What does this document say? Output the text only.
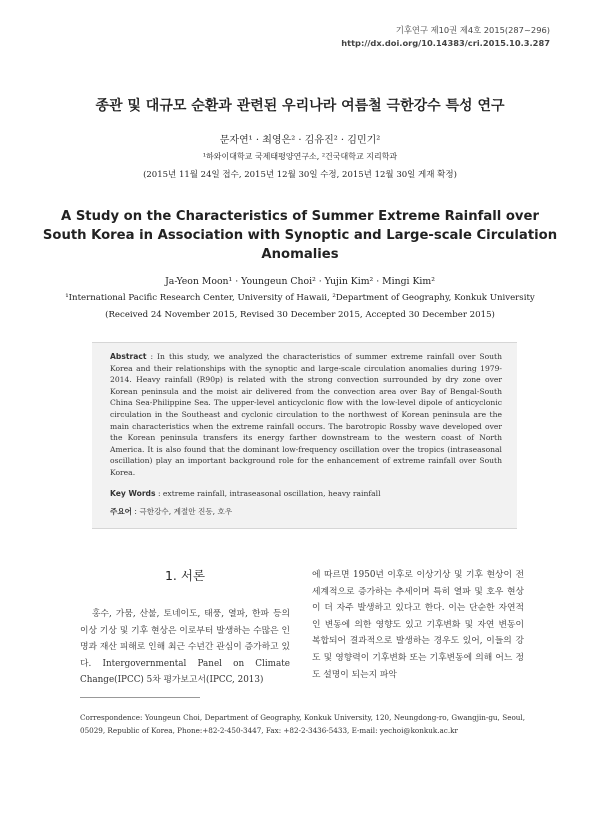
기후연구 제10권 제4호 2015(287~296)
http://dx.doi.org/10.14383/cri.2015.10.3.287
종관 및 대규모 순환과 관련된 우리나라 여름철 극한강수 특성 연구
문자연¹ · 최영은² · 김유진² · 김민기²
¹하와이대학교 국제태평양연구소, ²건국대학교 지리학과
(2015년 11월 24일 접수, 2015년 12월 30일 수정, 2015년 12월 30일 게재 확정)
A Study on the Characteristics of Summer Extreme Rainfall over South Korea in Association with Synoptic and Large-scale Circulation Anomalies
Ja-Yeon Moon¹ · Youngeun Choi² · Yujin Kim² · Mingi Kim²
¹International Pacific Research Center, University of Hawaii, ²Department of Geography, Konkuk University
(Received 24 November 2015, Revised 30 December 2015, Accepted 30 December 2015)
Abstract : In this study, we analyzed the characteristics of summer extreme rainfall over South Korea and their relationships with the synoptic and large-scale circulation anomalies during 1979-2014. Heavy rainfall (R90p) is related with the strong convection surrounded by dry zone over Korean peninsula and the moist air delivered from the convection area over Bay of Bengal-South China Sea-Philippine Sea. The upper-level anticyclonic flow with the low-level dipole of anticyclonic circulation in the Southeast and cyclonic circulation to the northwest of Korean peninsula are the main characteristics when the extreme rainfall occurs. The barotropic Rossby wave developed over the Korean peninsula transfers its energy farther downstream to the western coast of North America. It is also found that the dominant low-frequency oscillation over the tropics (intraseasonal oscillation) play an important background role for the enhancement of extreme rainfall over South Korea.
Key Words : extreme rainfall, intraseasonal oscillation, heavy rainfall
주요어 : 극한강수, 계절안 진동, 호우
1. 서론

홍수, 가뭄, 산불, 토네이도, 태풍, 열파, 한파 등의 이상 기상 및 기후 현상은 이로부터 발생하는 수많은 인명과 재산 피해로 인해 최근 수년간 관심이 증가하고 있다. Intergovernmental Panel on Climate Change(IPCC) 5차 평가보고서(IPCC, 2013)

에 따르면 1950년 이후로 이상기상 및 기후 현상이 전 세계적으로 증가하는 추세이며 특히 열파 및 호우 현상이 더 자주 발생하고 있다고 한다. 이는 단순한 자연적인 변동에 의한 영향도 있고 기후변화 및 자연 변동이 복합되어 결과적으로 발생하는 경우도 있어, 이들의 강도 및 영향력이 기후변화 또는 기후변동에 의해 어느 정도 설명이 되는지 파악

Correspondence: Youngeun Choi, Department of Geography, Konkuk University, 120, Neungdong-ro, Gwangjin-gu, Seoul, 05029, Republic of Korea, Phone:+82-2-450-3447, Fax: +82-2-3436-5433, E-mail: yechoi@konkuk.ac.kr
